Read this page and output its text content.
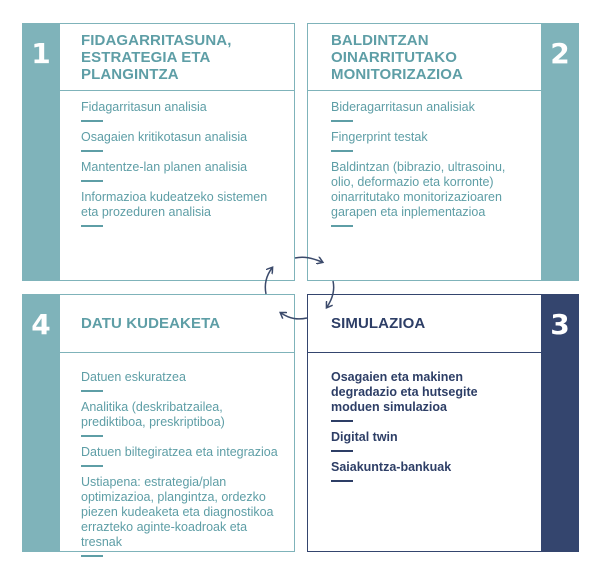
1	2
3
4
FIDAGARRITASUNA, ESTRATEGIA ETA PLANGINTZA
Fidagarritasun analisia
Osagaien kritikotasun analisia
Mantentze-lan planen analisia
Informazioa kudeatzeko sistemen eta prozeduren analisia
BALDINTZAN OINARRITUTAKO MONITORIZAZIOA
Bideragarritasun analisiak
Fingerprint testak
Baldintzan (bibrazio, ultrasoinu, olio, deformazio eta korronte) oinarritutako monitorizazioaren garapen eta inplementazioa
DATU KUDEAKETA
Datuen eskuratzea
Analitika (deskribatzailea, prediktiboa, preskriptiboa)
Datuen biltegiratzea eta integrazioa
Ustiapena: estrategia/plan optimizazioa, plangintza, ordezko piezen kudeaketa eta diagnostikoa errazteko aginte-koadroak eta tresnak
SIMULAZIOA
Osagaien eta makinen degradazio eta hutsegite moduen simulazioa
Digital twin
Saiakuntza-bankuak
